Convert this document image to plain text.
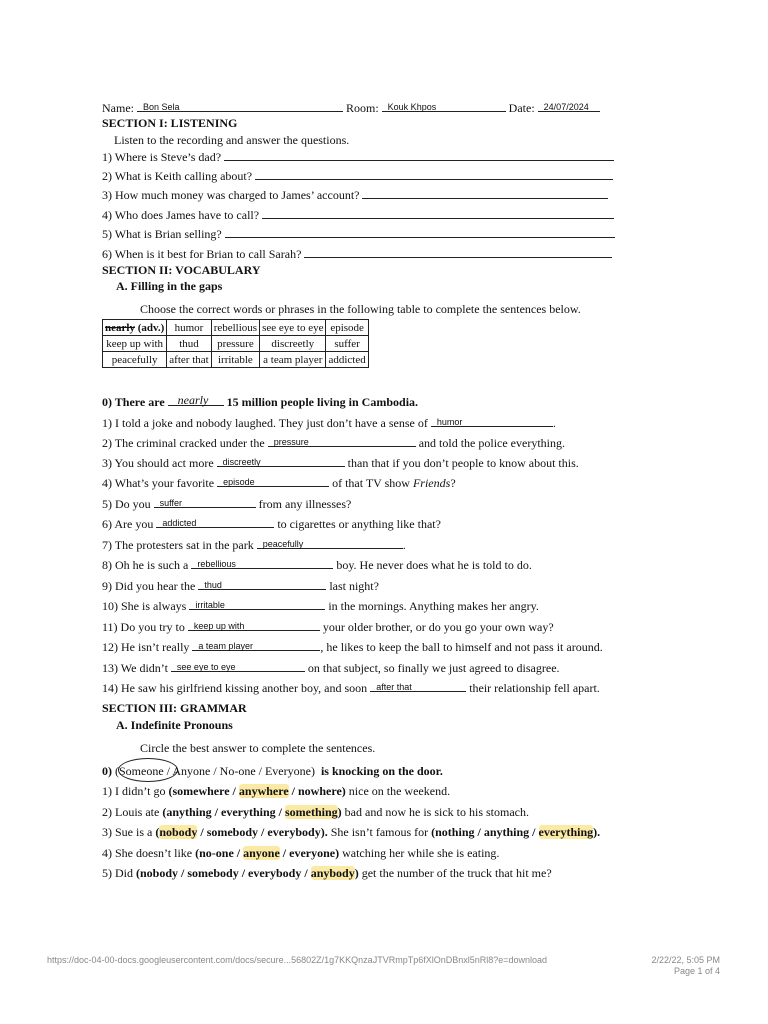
Name: Bon Sela	Room: Kouk Khpos	Date: 24/07/2024
SECTION I: LISTENING
Listen to the recording and answer the questions.
1) Where is Steve’s dad?
2) What is Keith calling about?
3) How much money was charged to James’ account?
4) Who does James have to call?
5) What is Brian selling?
6) When is it best for Brian to call Sarah?
SECTION II: VOCABULARY
A. Filling in the gaps
Choose the correct words or phrases in the following table to complete the sentences below.
nearly (adv.)	humor	rebellious	see eye to eye	episode
keep up with	thud	pressure	discreetly	suffer
peacefully	after that	irritable	a team player	addicted
0) There are nearly 15 million people living in Cambodia.
1) I told a joke and nobody laughed. They just don’t have a sense of humor	.
2) The criminal cracked under the pressure	and told the police everything.
3) You should act more discreetly	than that if you don’t people to know about this.
4) What’s your favorite episode	of that TV show Friends?
5) Do you suffer	from any illnesses?
6) Are you addicted	to cigarettes or anything like that?
7) The protesters sat in the park peacefully	.
8) Oh he is such a rebellious	boy. He never does what he is told to do.
9) Did you hear the thud	last night?
10) She is always irritable	in the mornings. Anything makes her angry.
11) Do you try to keep up with	your older brother, or do you go your own way?
12) He isn’t really a team player	, he likes to keep the ball to himself and not pass it around.
13) We didn’t see eye to eye	on that subject, so finally we just agreed to disagree.
14) He saw his girlfriend kissing another boy, and soon after that	their relationship fell apart.
SECTION III: GRAMMAR
A. Indefinite Pronouns
Circle the best answer to complete the sentences.
0) (Someone / Anyone / No-one / Everyone) is knocking on the door.
1) I didn’t go (somewhere / anywhere / nowhere) nice on the weekend.
2) Louis ate (anything / everything / something) bad and now he is sick to his stomach.
3) Sue is a (nobody / somebody / everybody). She isn’t famous for (nothing / anything / everything).
4) She doesn’t like (no-one / anyone / everyone) watching her while she is eating.
5) Did (nobody / somebody / everybody / anybody) get the number of the truck that hit me?
https://doc-04-00-docs.googleusercontent.com/docs/secure...56802Z/1g7KKQnzaJTVRmpTp6fXlOnDBnxl5nRl8?e=download	2/22/22, 5:05 PM
Page 1 of 4
